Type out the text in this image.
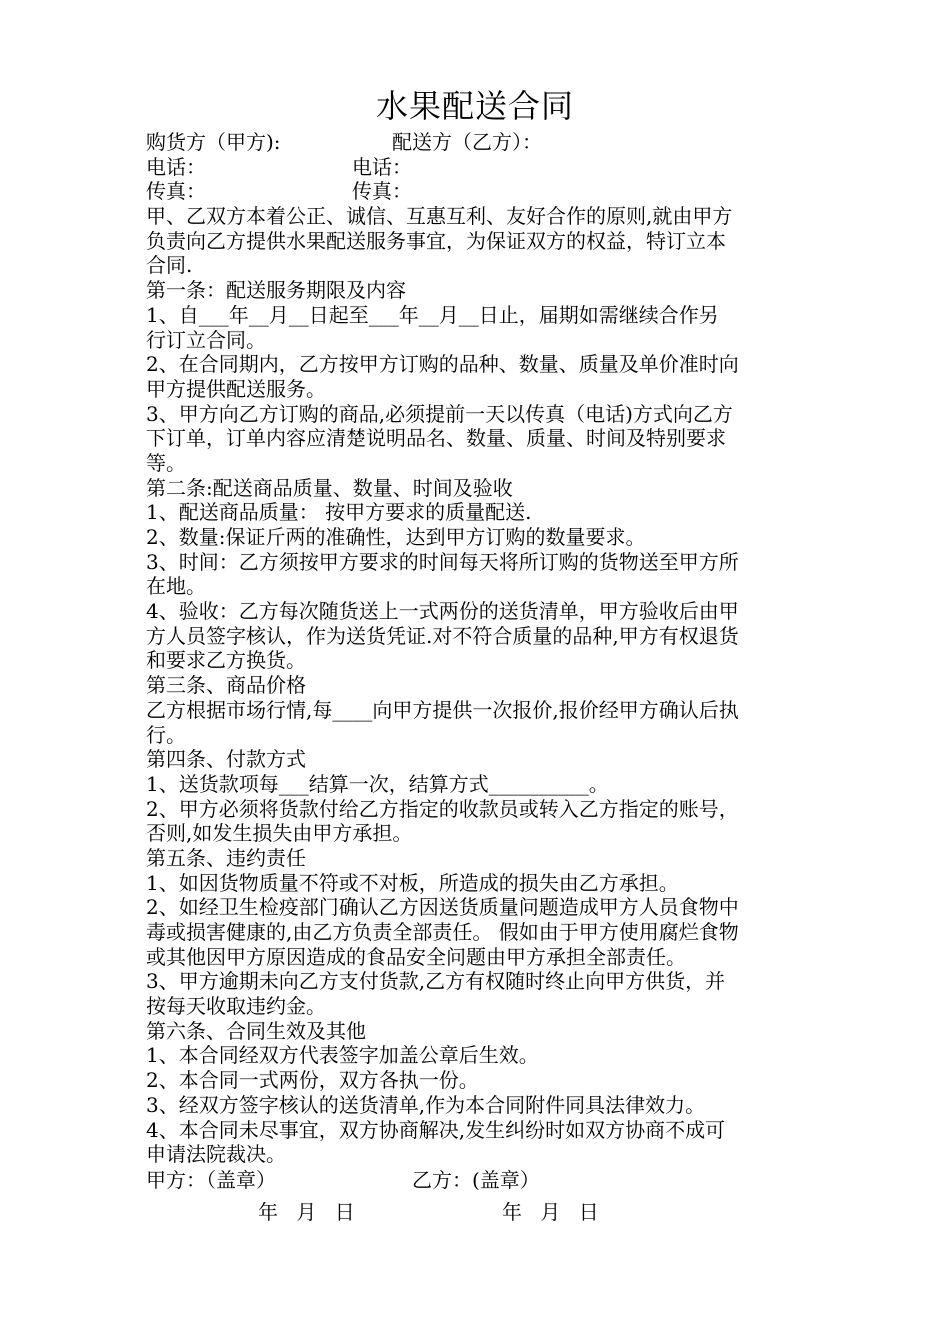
水果配送合同
购货方（甲方):	配送方（乙方）：
电话：	电话：
传真：	传真：
甲、乙双方本着公正、诚信、互惠互利、友好合作的原则,就由甲方
负责向乙方提供水果配送服务事宜，为保证双方的权益，特订立本
合同.
第一条：配送服务期限及内容
1、自___年__月__日起至___年__月__日止，届期如需继续合作另
行订立合同。
2、在合同期内，乙方按甲方订购的品种、数量、质量及单价准时向
甲方提供配送服务。
3、甲方向乙方订购的商品,必须提前一天以传真（电话)方式向乙方
下订单，订单内容应清楚说明品名、数量、质量、时间及特别要求
等。
第二条:配送商品质量、数量、时间及验收
1、配送商品质量： 按甲方要求的质量配送.
2、数量:保证斤两的准确性，达到甲方订购的数量要求。
3、时间：乙方须按甲方要求的时间每天将所订购的货物送至甲方所
在地。
4、验收：乙方每次随货送上一式两份的送货清单，甲方验收后由甲
方人员签字核认，作为送货凭证.对不符合质量的品种,甲方有权退货
和要求乙方换货。
第三条、商品价格
乙方根据市场行情,每____向甲方提供一次报价,报价经甲方确认后执
行。
第四条、付款方式
1、送货款项每___结算一次，结算方式__________。
2、甲方必须将货款付给乙方指定的收款员或转入乙方指定的账号，
否则,如发生损失由甲方承担。
第五条、违约责任
1、如因货物质量不符或不对板，所造成的损失由乙方承担。
2、如经卫生检疫部门确认乙方因送货质量问题造成甲方人员食物中
毒或损害健康的,由乙方负责全部责任。 假如由于甲方使用腐烂食物
或其他因甲方原因造成的食品安全问题由甲方承担全部责任。
3、甲方逾期未向乙方支付货款,乙方有权随时终止向甲方供货，并
按每天收取违约金。
第六条、合同生效及其他
1、本合同经双方代表签字加盖公章后生效。
2、本合同一式两份，双方各执一份。
3、经双方签字核认的送货清单,作为本合同附件同具法律效力。
4、本合同未尽事宜，双方协商解决,发生纠纷时如双方协商不成可
申请法院裁决。
甲方：（盖章）	乙方：(盖章）
年 月 日	年 月 日
